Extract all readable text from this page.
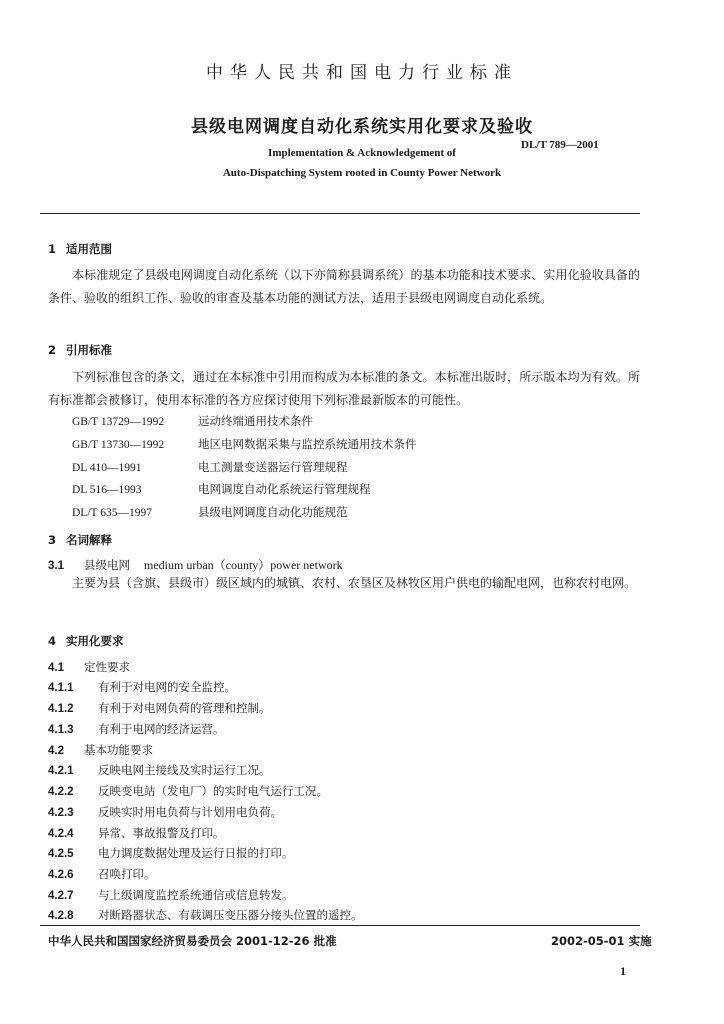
中华人民共和国电力行业标准
县级电网调度自动化系统实用化要求及验收
DL/T 789—2001
Implementation & Acknowledgement of
Auto-Dispatching System rooted in County Power Network
1 适用范围
本标准规定了县级电网调度自动化系统（以下亦简称县调系统）的基本功能和技术要求、实用化验收具备的条件、验收的组织工作、验收的审查及基本功能的测试方法，适用于县级电网调度自动化系统。
2 引用标准
下列标准包含的条文，通过在本标准中引用而构成为本标准的条文。本标准出版时，所示版本均为有效。所有标准都会被修订，使用本标准的各方应探讨使用下列标准最新版本的可能性。
GB/T 13729—1992	远动终端通用技术条件
GB/T 13730—1992	地区电网数据采集与监控系统通用技术条件
DL 410—1991	电工测量变送器运行管理规程
DL 516—1993	电网调度自动化系统运行管理规程
DL/T 635—1997	县级电网调度自动化功能规范
3 名词解释
3.1 县级电网 medium urban（county）power network
主要为县（含旗、县级市）级区域内的城镇、农村、农垦区及林牧区用户供电的输配电网，也称农村电网。
4 实用化要求
4.1 定性要求
4.1.1 有利于对电网的安全监控。
4.1.2 有利于对电网负荷的管理和控制。
4.1.3 有利于电网的经济运营。
4.2 基本功能要求
4.2.1 反映电网主接线及实时运行工况。
4.2.2 反映变电站（发电厂）的实时电气运行工况。
4.2.3 反映实时用电负荷与计划用电负荷。
4.2.4 异常、事故报警及打印。
4.2.5 电力调度数据处理及运行日报的打印。
4.2.6 召唤打印。
4.2.7 与上级调度监控系统通信或信息转发。
4.2.8 对断路器状态、有载调压变压器分接头位置的遥控。
中华人民共和国国家经济贸易委员会 2001-12-26 批准	2002-05-01 实施
1
